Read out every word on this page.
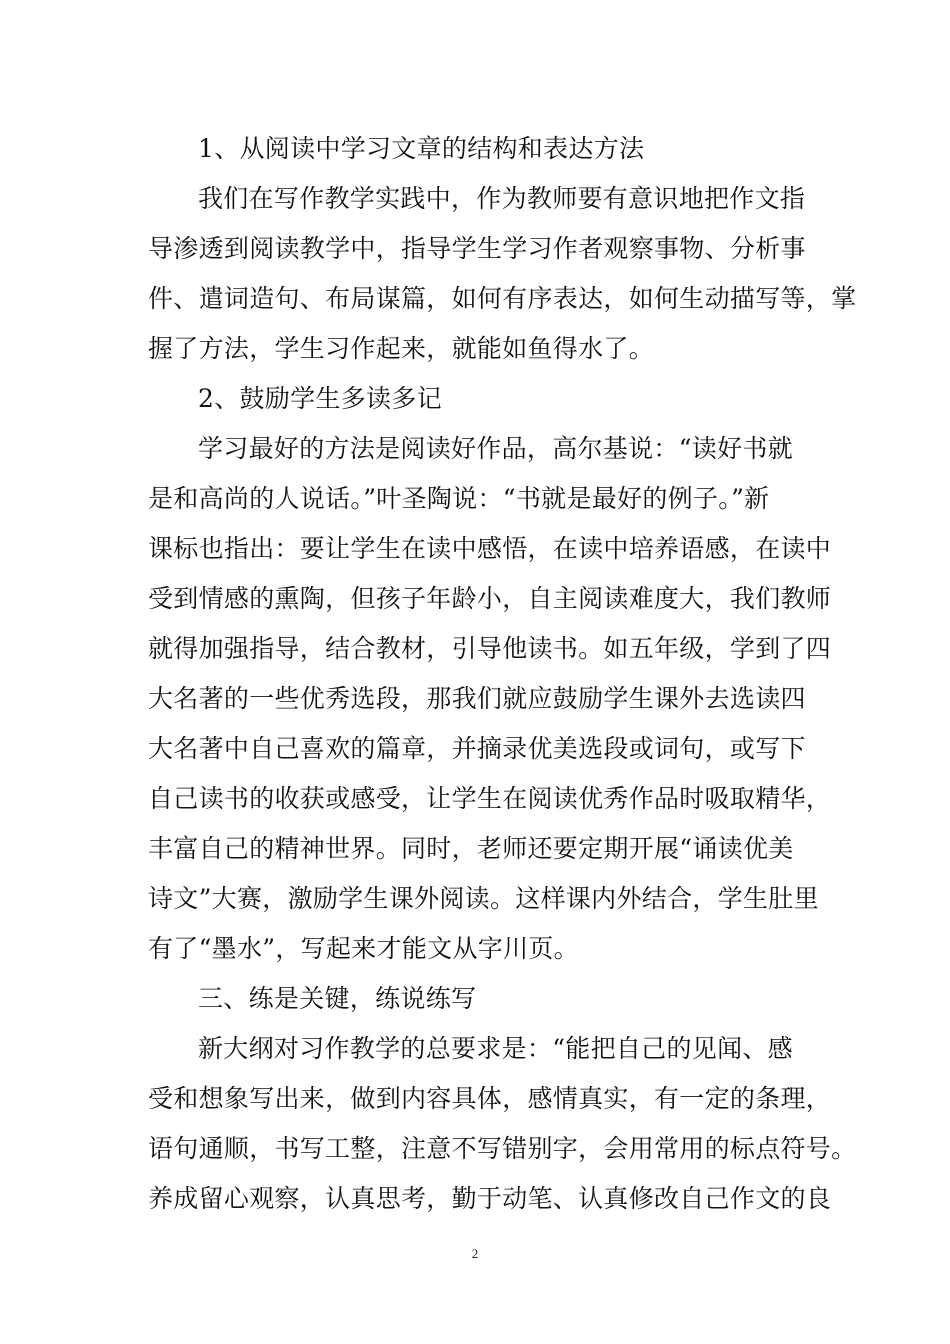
1、从阅读中学习文章的结构和表达方法
我们在写作教学实践中，作为教师要有意识地把作文指
导渗透到阅读教学中，指导学生学习作者观察事物、分析事
件、遣词造句、布局谋篇，如何有序表达，如何生动描写等，掌
握了方法，学生习作起来，就能如鱼得水了。
2、鼓励学生多读多记
学习最好的方法是阅读好作品，高尔基说：“读好书就
是和高尚的人说话。”叶圣陶说：“书就是最好的例子。”新
课标也指出：要让学生在读中感悟，在读中培养语感，在读中
受到情感的熏陶，但孩子年龄小，自主阅读难度大，我们教师
就得加强指导，结合教材，引导他读书。如五年级，学到了四
大名著的一些优秀选段，那我们就应鼓励学生课外去选读四
大名著中自己喜欢的篇章，并摘录优美选段或词句，或写下
自己读书的收获或感受，让学生在阅读优秀作品时吸取精华，
丰富自己的精神世界。同时，老师还要定期开展“诵读优美
诗文”大赛，激励学生课外阅读。这样课内外结合，学生肚里
有了“墨水”，写起来才能文从字川页。
三、练是关键，练说练写
新大纲对习作教学的总要求是：“能把自己的见闻、感
受和想象写出来，做到内容具体，感情真实，有一定的条理，
语句通顺，书写工整，注意不写错别字，会用常用的标点符号。
养成留心观察，认真思考，勤于动笔、认真修改自己作文的良
2
